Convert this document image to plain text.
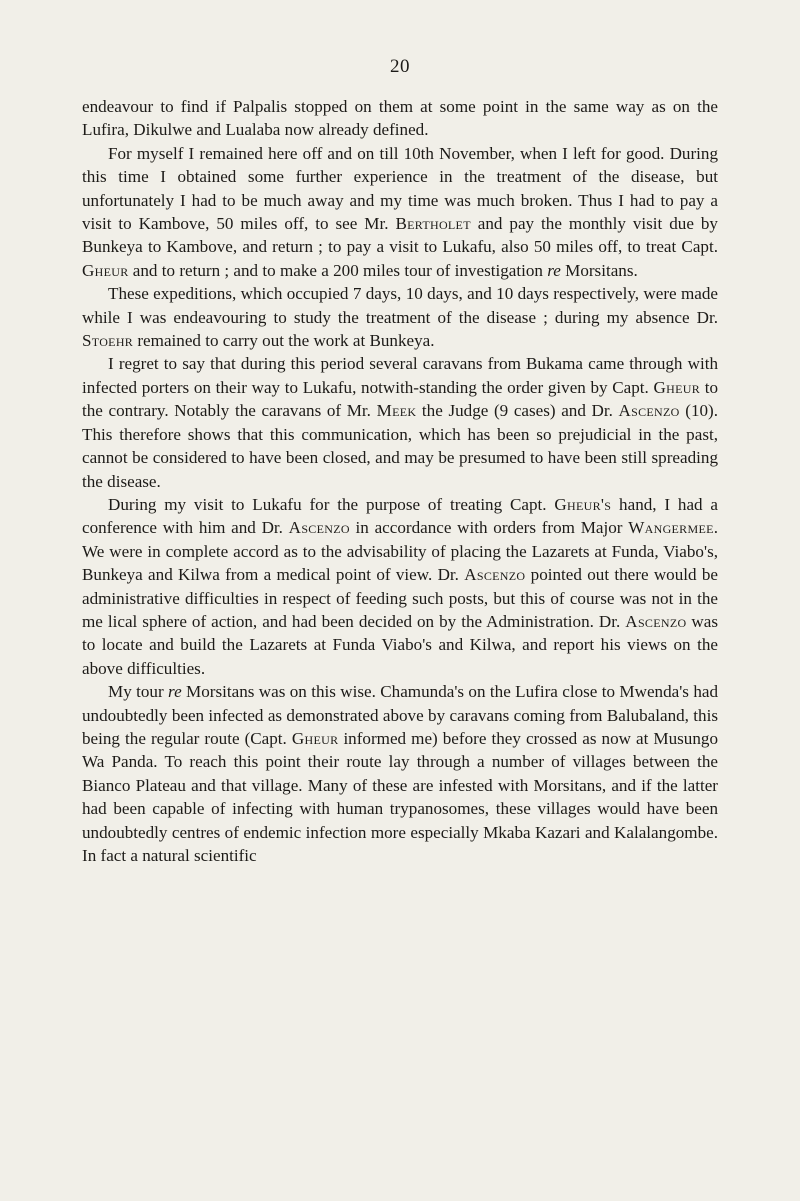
20

endeavour to find if Palpalis stopped on them at some point in the same way as on the Lufira, Dikulwe and Lualaba now already defined.

For myself I remained here off and on till 10th November, when I left for good. During this time I obtained some further experience in the treatment of the disease, but unfortunately I had to be much away and my time was much broken. Thus I had to pay a visit to Kambove, 50 miles off, to see Mr. Bertholet and pay the monthly visit due by Bunkeya to Kambove, and return ; to pay a visit to Lukafu, also 50 miles off, to treat Capt. Gheur and to return ; and to make a 200 miles tour of investigation re Morsitans.

These expeditions, which occupied 7 days, 10 days, and 10 days respectively, were made while I was endeavouring to study the treatment of the disease ; during my absence Dr. Stoehr remained to carry out the work at Bunkeya.

I regret to say that during this period several caravans from Bukama came through with infected porters on their way to Lukafu, notwith-standing the order given by Capt. Gheur to the contrary. Notably the caravans of Mr. Meek the Judge (9 cases) and Dr. Ascenzo (10). This therefore shows that this communication, which has been so prejudicial in the past, cannot be considered to have been closed, and may be presumed to have been still spreading the disease.

During my visit to Lukafu for the purpose of treating Capt. Gheur's hand, I had a conference with him and Dr. Ascenzo in accordance with orders from Major Wangermee. We were in complete accord as to the advisability of placing the Lazarets at Funda, Viabo's, Bunkeya and Kilwa from a medical point of view. Dr. Ascenzo pointed out there would be administrative difficulties in respect of feeding such posts, but this of course was not in the me lical sphere of action, and had been decided on by the Administration. Dr. Ascenzo was to locate and build the Lazarets at Funda Viabo's and Kilwa, and report his views on the above difficulties.

My tour re Morsitans was on this wise. Chamunda's on the Lufira close to Mwenda's had undoubtedly been infected as demonstrated above by caravans coming from Balubaland, this being the regular route (Capt. Gheur informed me) before they crossed as now at Musungo Wa Panda. To reach this point their route lay through a number of villages between the Bianco Plateau and that village. Many of these are infested with Morsitans, and if the latter had been capable of infecting with human trypanosomes, these villages would have been undoubtedly centres of endemic infection more especially Mkaba Kazari and Kalalangombe. In fact a natural scientific
